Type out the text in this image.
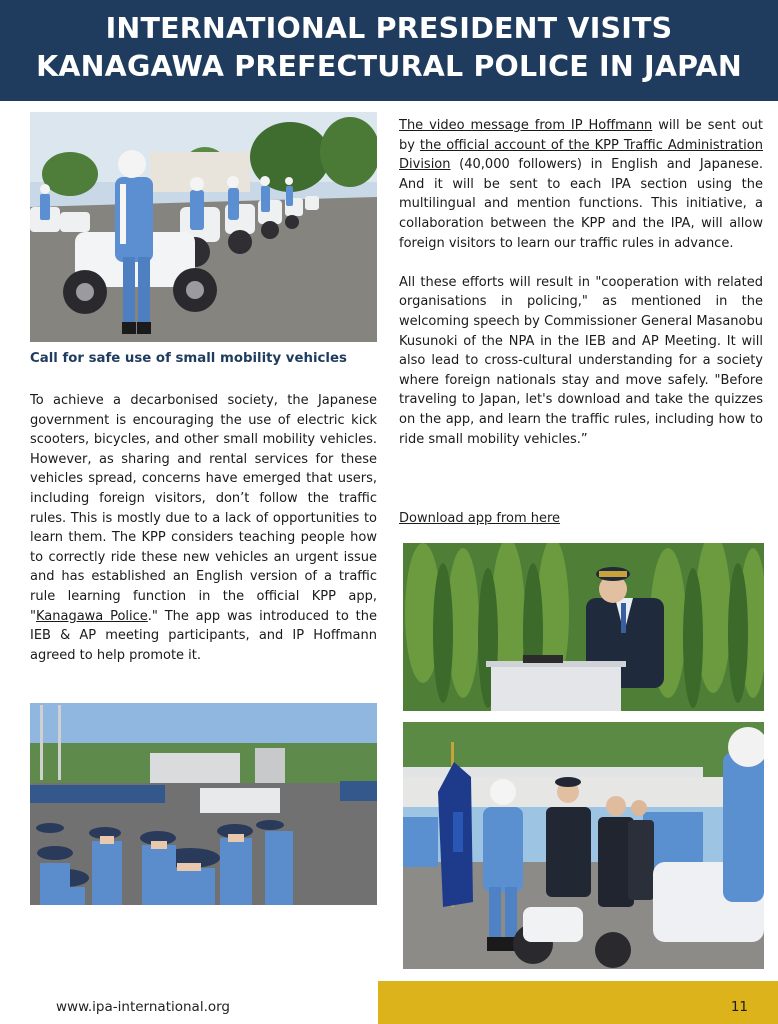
INTERNATIONAL PRESIDENT VISITS
KANAGAWA PREFECTURAL POLICE IN JAPAN
Call for safe use of small mobility vehicles

To achieve a decarbonised society, the Japanese government is encouraging the use of electric kick scooters, bicycles, and other small mobility vehicles. However, as sharing and rental services for these vehicles spread, concerns have emerged that users, including foreign visitors, don’t follow the traffic rules. This is mostly due to a lack of opportunities to learn them. The KPP considers teaching people how to correctly ride these new vehicles an urgent issue and has established an English version of a traffic rule learning function in the official KPP app, "Kanagawa Police." The app was introduced to the IEB & AP meeting participants, and IP Hoffmann agreed to help promote it.

The video message from IP Hoffmann will be sent out by the official account of the KPP Traffic Administration Division (40,000 followers) in English and Japanese. And it will be sent to each IPA section using the multilingual and mention functions. This initiative, a collaboration between the KPP and the IPA, will allow foreign visitors to learn our traffic rules in advance.

All these efforts will result in "cooperation with related organisations in policing," as mentioned in the welcoming speech by Commissioner General Masanobu Kusunoki of the NPA in the IEB and AP Meeting. It will also lead to cross-cultural understanding for a society where foreign nationals stay and move safely. "Before traveling to Japan, let's download and take the quizzes on the app, and learn the traffic rules, including how to ride small mobility vehicles.”

Download app from here
www.ipa-international.org	11
